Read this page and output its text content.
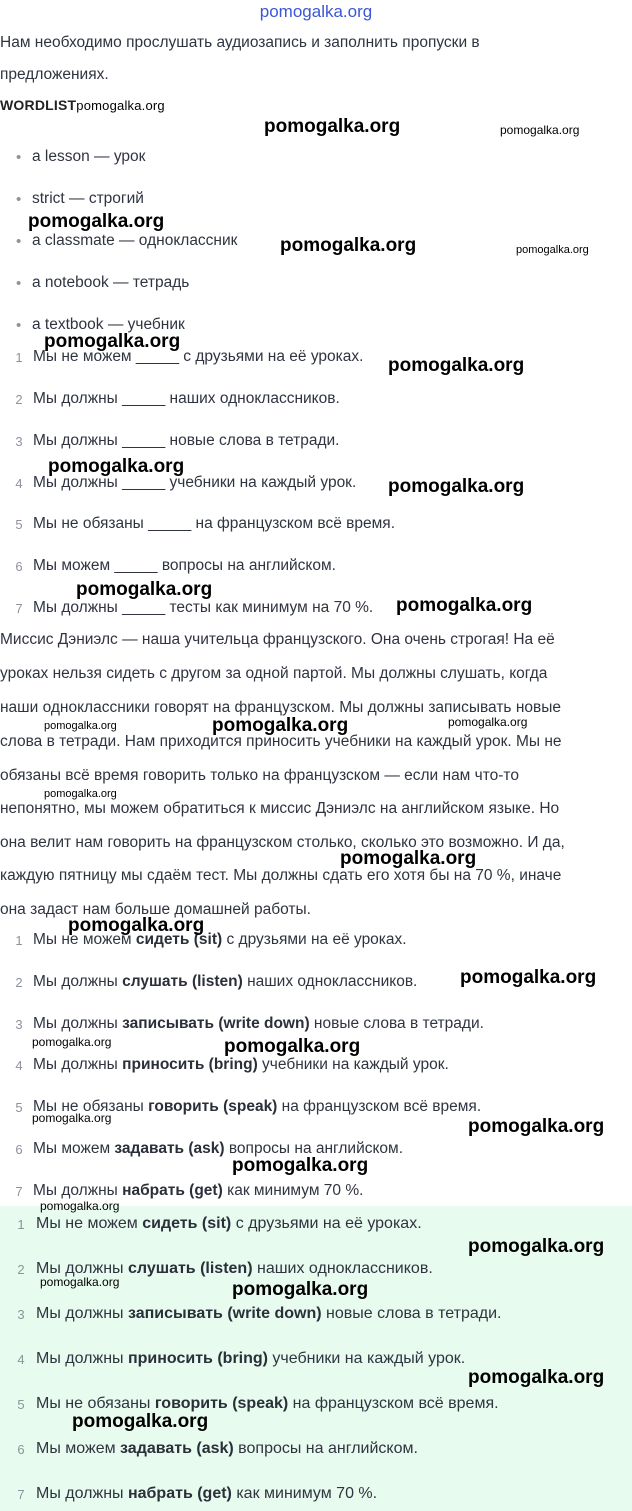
pomogalka.org
Нам необходимо прослушать аудиозапись и заполнить пропуски в
предложениях.
WORDLISTpomogalka.org
• a lesson — урок
• strict — строгий
• a classmate — одноклассник
• a notebook — тетрадь
• a textbook — учебник
1 Мы не можем _____ с друзьями на её уроках.
2 Мы должны _____ наших одноклассников.
3 Мы должны _____ новые слова в тетради.
4 Мы должны _____ учебники на каждый урок.
5 Мы не обязаны _____ на французском всё время.
6 Мы можем _____ вопросы на английском.
7 Мы должны _____ тесты как минимум на 70 %.
Миссис Дэниэлс — наша учительца французского. Она очень строгая! На её
уроках нельзя сидеть с другом за одной партой. Мы должны слушать, когда
наши одноклассники говорят на французском. Мы должны записывать новые
слова в тетради. Нам приходится приносить учебники на каждый урок. Мы не
обязаны всё время говорить только на французском — если нам что-то
непонятно, мы можем обратиться к миссис Дэниэлс на английском языке. Но
она велит нам говорить на французском столько, сколько это возможно. И да,
каждую пятницу мы сдаём тест. Мы должны сдать его хотя бы на 70 %, иначе
она задаст нам больше домашней работы.
1 Мы не можем сидеть (sit) с друзьями на её уроках.
2 Мы должны слушать (listen) наших одноклассников.
3 Мы должны записывать (write down) новые слова в тетради.
4 Мы должны приносить (bring) учебники на каждый урок.
5 Мы не обязаны говорить (speak) на французском всё время.
6 Мы можем задавать (ask) вопросы на английском.
7 Мы должны набрать (get) как минимум 70 %.
1 Мы не можем сидеть (sit) с друзьями на её уроках.
2 Мы должны слушать (listen) наших одноклассников.
3 Мы должны записывать (write down) новые слова в тетради.
4 Мы должны приносить (bring) учебники на каждый урок.
5 Мы не обязаны говорить (speak) на французском всё время.
6 Мы можем задавать (ask) вопросы на английском.
7 Мы должны набрать (get) как минимум 70 %.
pomogalka.org	pomogalka.org
pomogalka.org
pomogalka.org	pomogalka.org
pomogalka.org
pomogalka.org
pomogalka.org
pomogalka.org
pomogalka.org
pomogalka.org
pomogalka.org	pomogalka.org	pomogalka.org
pomogalka.org
pomogalka.org
pomogalka.org
pomogalka.org
pomogalka.org	pomogalka.org
pomogalka.org	pomogalka.org
pomogalka.org
pomogalka.org
pomogalka.org
pomogalka.org	pomogalka.org
pomogalka.org
pomogalka.org
